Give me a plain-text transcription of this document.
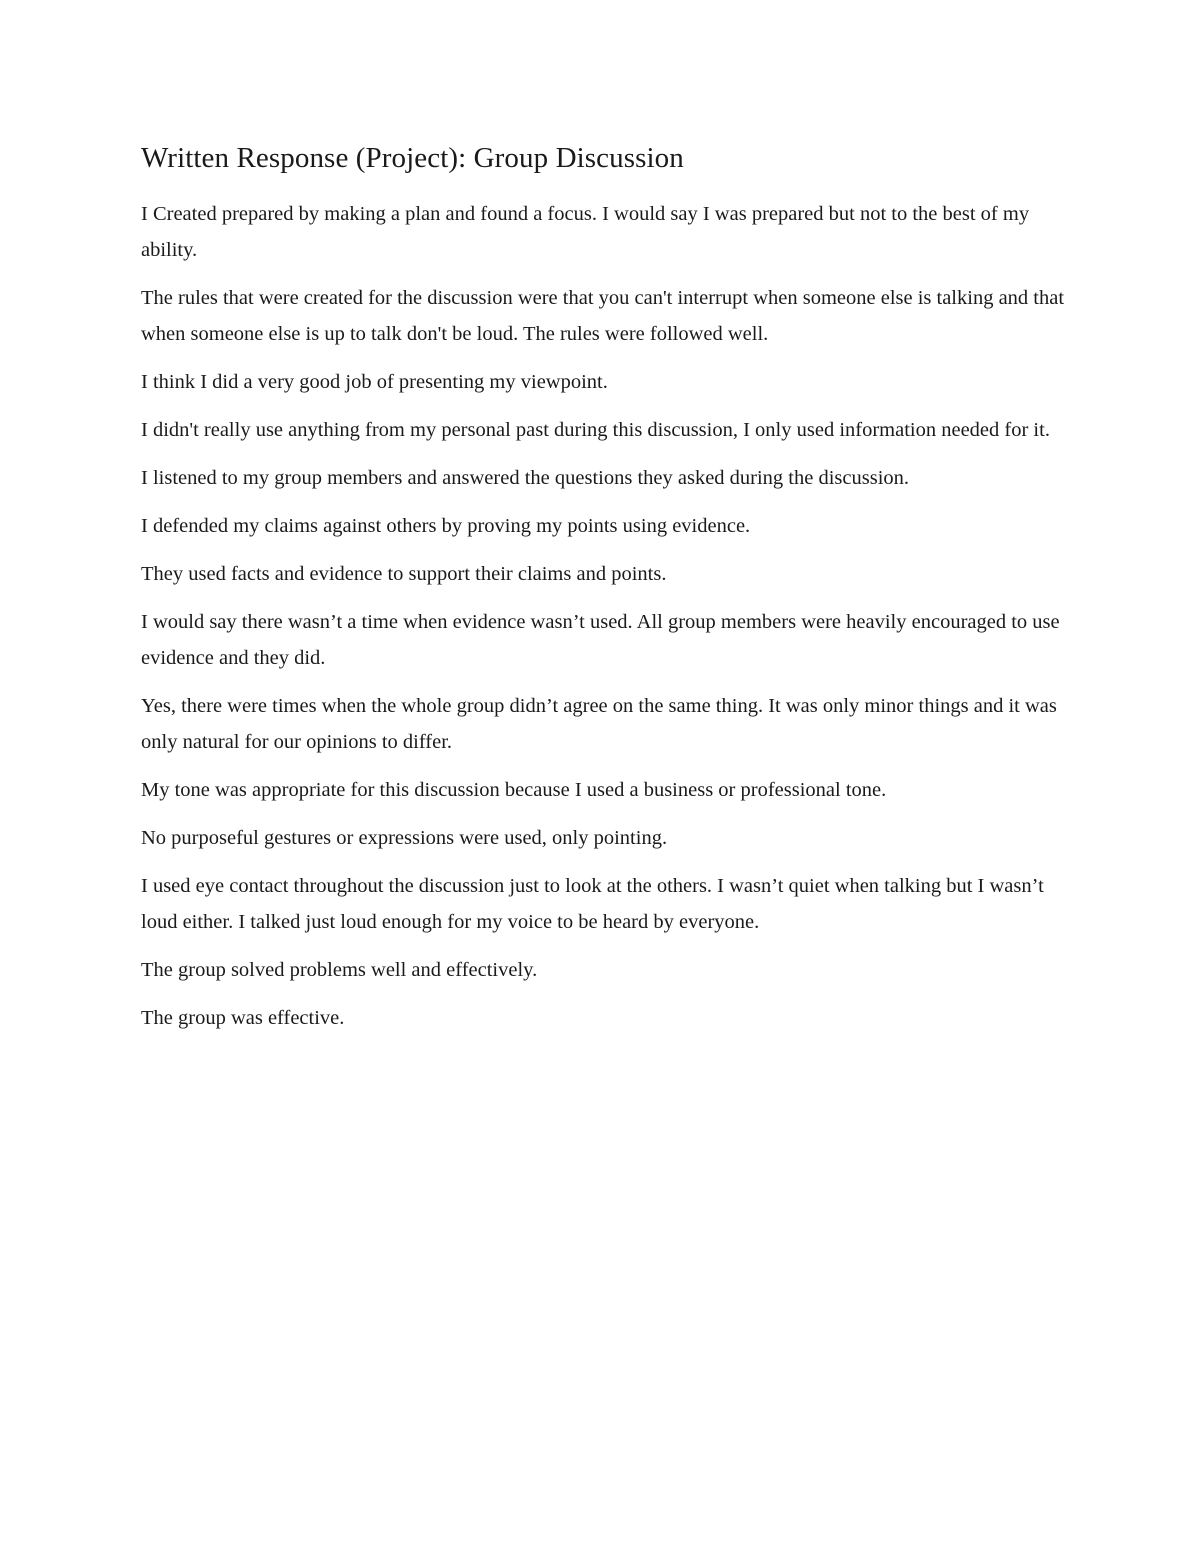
Written Response (Project): Group Discussion

I Created prepared by making a plan and found a focus. I would say I was prepared but not to the best of my ability.

The rules that were created for the discussion were that you can't interrupt when someone else is talking and that when someone else is up to talk don't be loud. The rules were followed well.

I think I did a very good job of presenting my viewpoint.

I didn't really use anything from my personal past during this discussion, I only used information needed for it.

I listened to my group members and answered the questions they asked during the discussion.

I defended my claims against others by proving my points using evidence.

They used facts and evidence to support their claims and points.

I would say there wasn’t a time when evidence wasn’t used. All group members were heavily encouraged to use evidence and they did.

Yes, there were times when the whole group didn’t agree on the same thing. It was only minor things and it was only natural for our opinions to differ.

My tone was appropriate for this discussion because I used a business or professional tone.

No purposeful gestures or expressions were used, only pointing.

I used eye contact throughout the discussion just to look at the others. I wasn’t quiet when talking but I wasn’t loud either. I talked just loud enough for my voice to be heard by everyone.

The group solved problems well and effectively.

The group was effective.
